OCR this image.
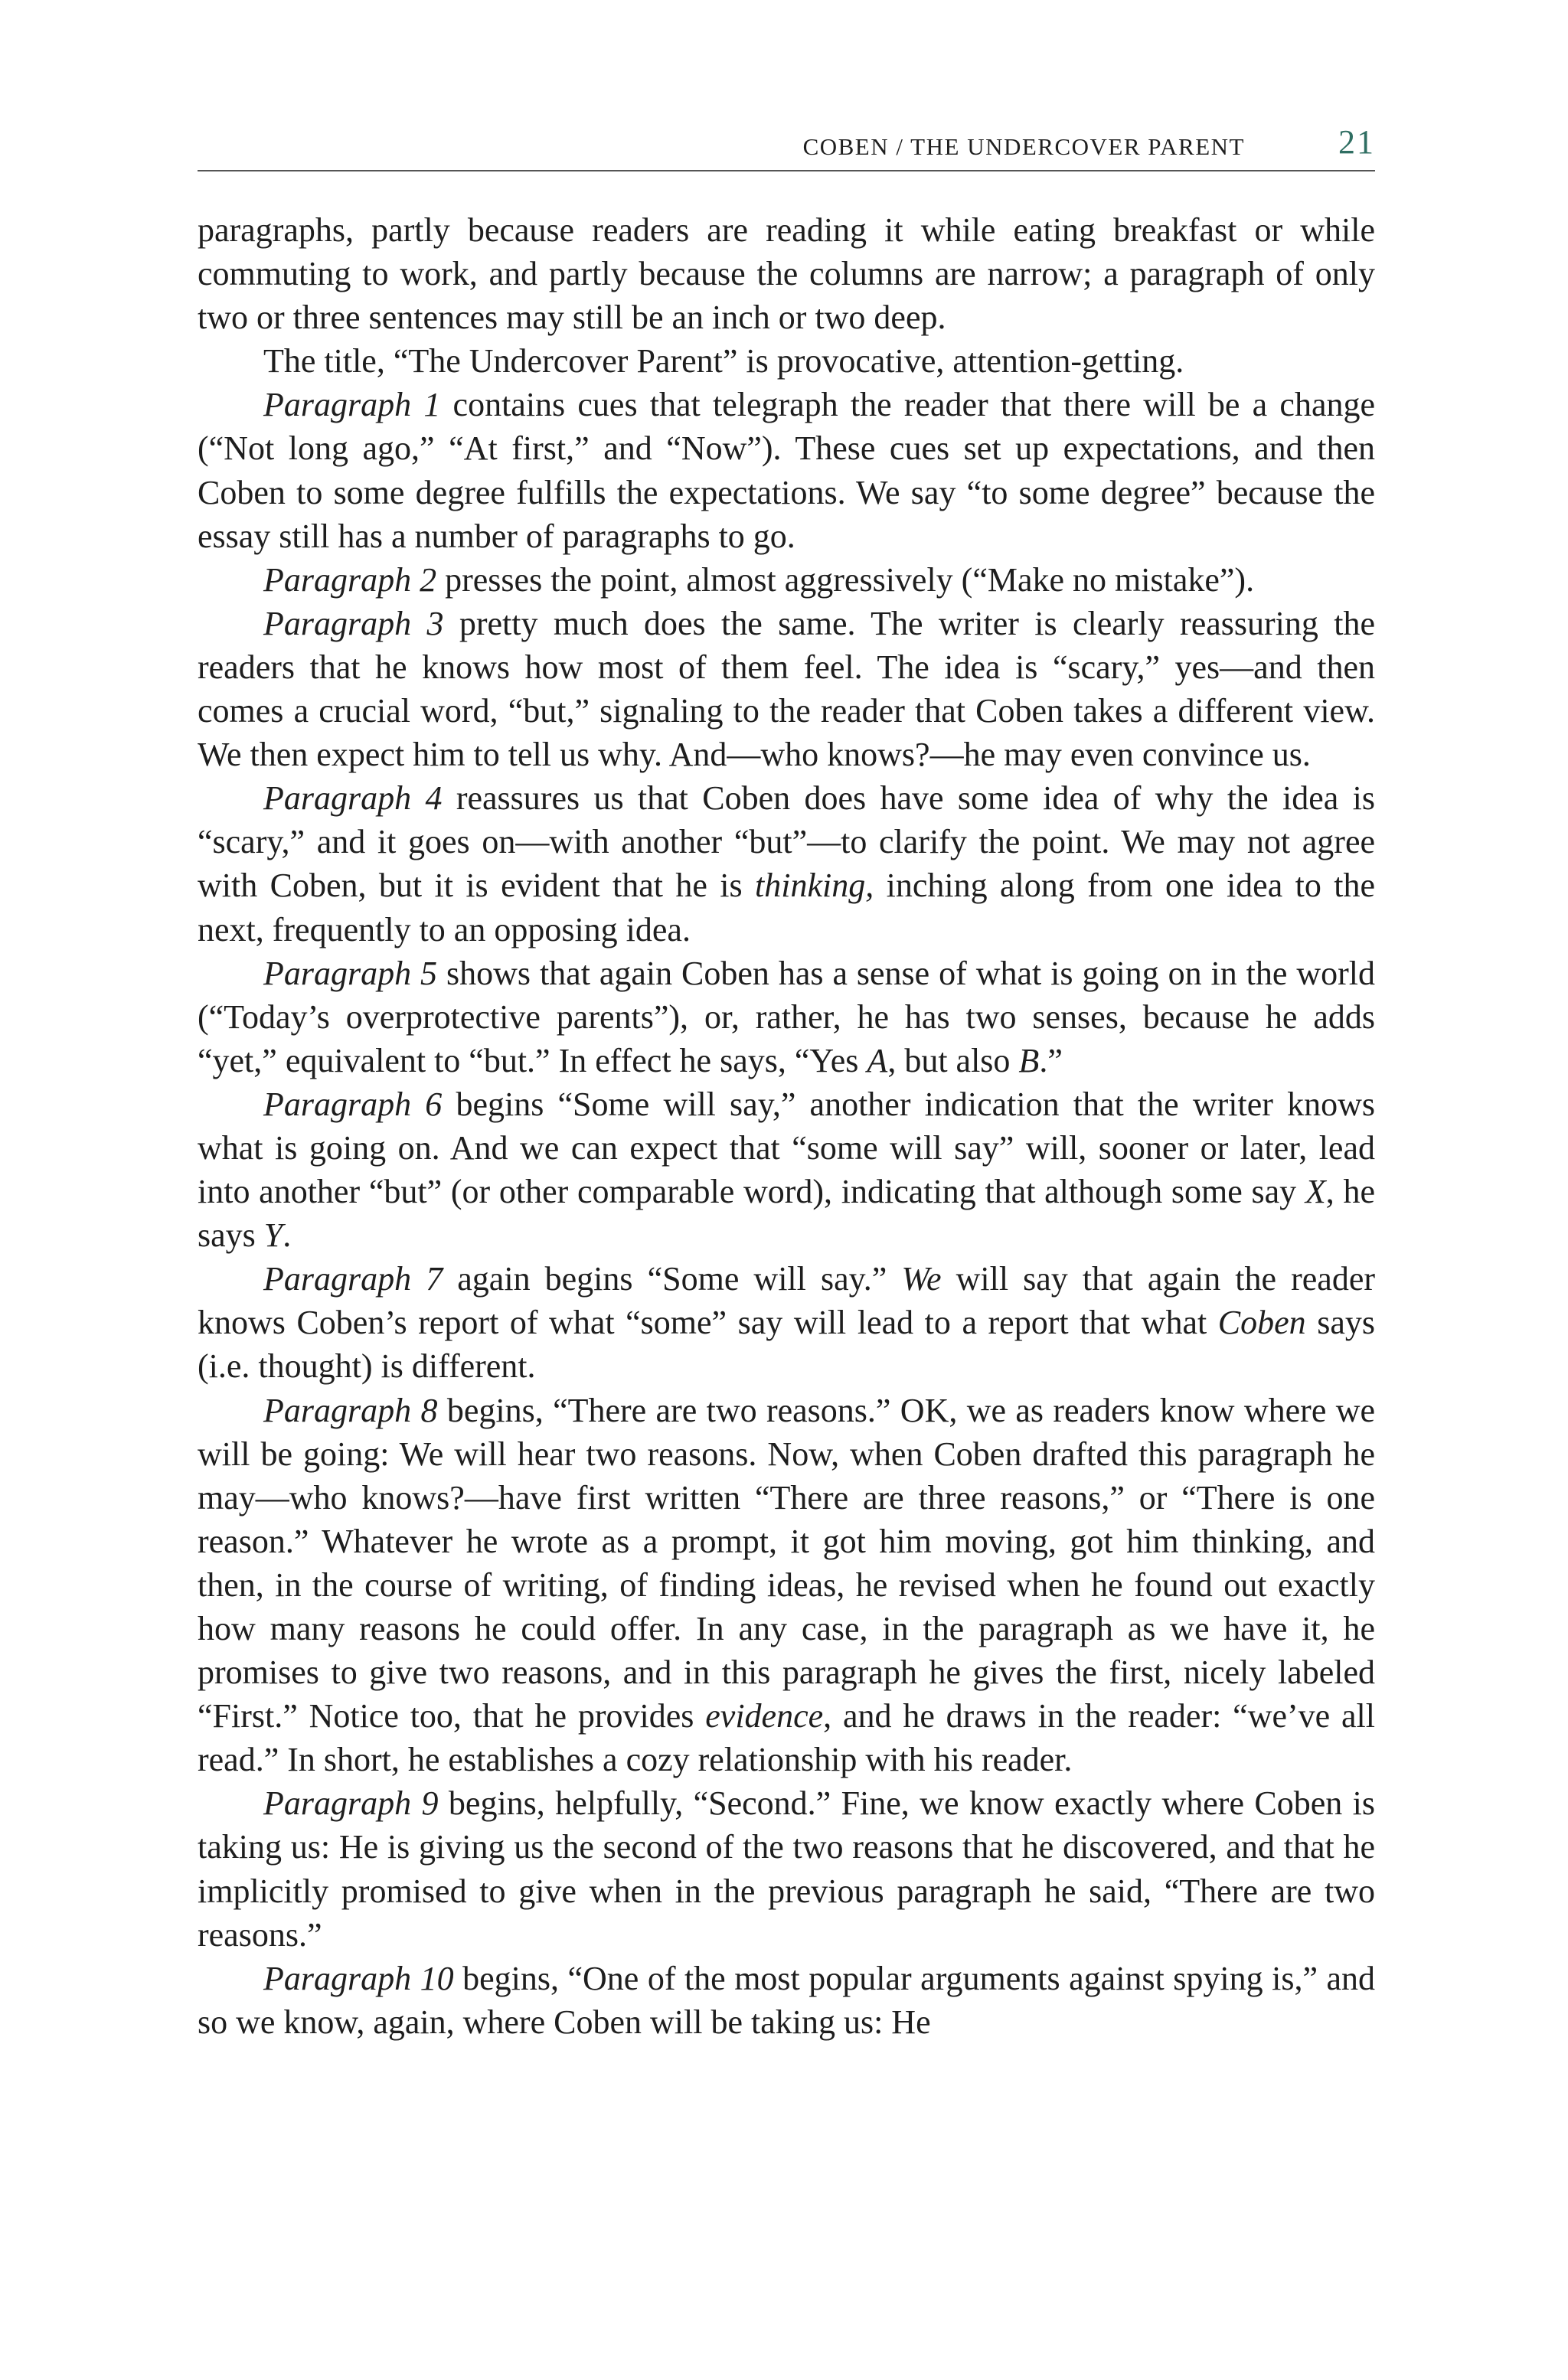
COBEN / THE UNDERCOVER PARENT	21

paragraphs, partly because readers are reading it while eating breakfast or while commuting to work, and partly because the columns are narrow; a paragraph of only two or three sentences may still be an inch or two deep.

The title, “The Undercover Parent” is provocative, attention-getting.

Paragraph 1 contains cues that telegraph the reader that there will be a change (“Not long ago,” “At first,” and “Now”). These cues set up expectations, and then Coben to some degree fulfills the expectations. We say “to some degree” because the essay still has a number of paragraphs to go.

Paragraph 2 presses the point, almost aggressively (“Make no mistake”).

Paragraph 3 pretty much does the same. The writer is clearly reassuring the readers that he knows how most of them feel. The idea is “scary,” yes—and then comes a crucial word, “but,” signaling to the reader that Coben takes a different view. We then expect him to tell us why. And—who knows?—he may even convince us.

Paragraph 4 reassures us that Coben does have some idea of why the idea is “scary,” and it goes on—with another “but”—to clarify the point. We may not agree with Coben, but it is evident that he is thinking, inching along from one idea to the next, frequently to an opposing idea.

Paragraph 5 shows that again Coben has a sense of what is going on in the world (“Today’s overprotective parents”), or, rather, he has two senses, because he adds “yet,” equivalent to “but.” In effect he says, “Yes A, but also B.”

Paragraph 6 begins “Some will say,” another indication that the writer knows what is going on. And we can expect that “some will say” will, sooner or later, lead into another “but” (or other comparable word), indicating that although some say X, he says Y.

Paragraph 7 again begins “Some will say.” We will say that again the reader knows Coben’s report of what “some” say will lead to a report that what Coben says (i.e. thought) is different.

Paragraph 8 begins, “There are two reasons.” OK, we as readers know where we will be going: We will hear two reasons. Now, when Coben drafted this paragraph he may—who knows?—have first written “There are three reasons,” or “There is one reason.” Whatever he wrote as a prompt, it got him moving, got him thinking, and then, in the course of writing, of finding ideas, he revised when he found out exactly how many reasons he could offer. In any case, in the paragraph as we have it, he promises to give two reasons, and in this paragraph he gives the first, nicely labeled “First.” Notice too, that he provides evidence, and he draws in the reader: “we’ve all read.” In short, he establishes a cozy relationship with his reader.

Paragraph 9 begins, helpfully, “Second.” Fine, we know exactly where Coben is taking us: He is giving us the second of the two reasons that he discovered, and that he implicitly promised to give when in the previous paragraph he said, “There are two reasons.”

Paragraph 10 begins, “One of the most popular arguments against spying is,” and so we know, again, where Coben will be taking us: He
